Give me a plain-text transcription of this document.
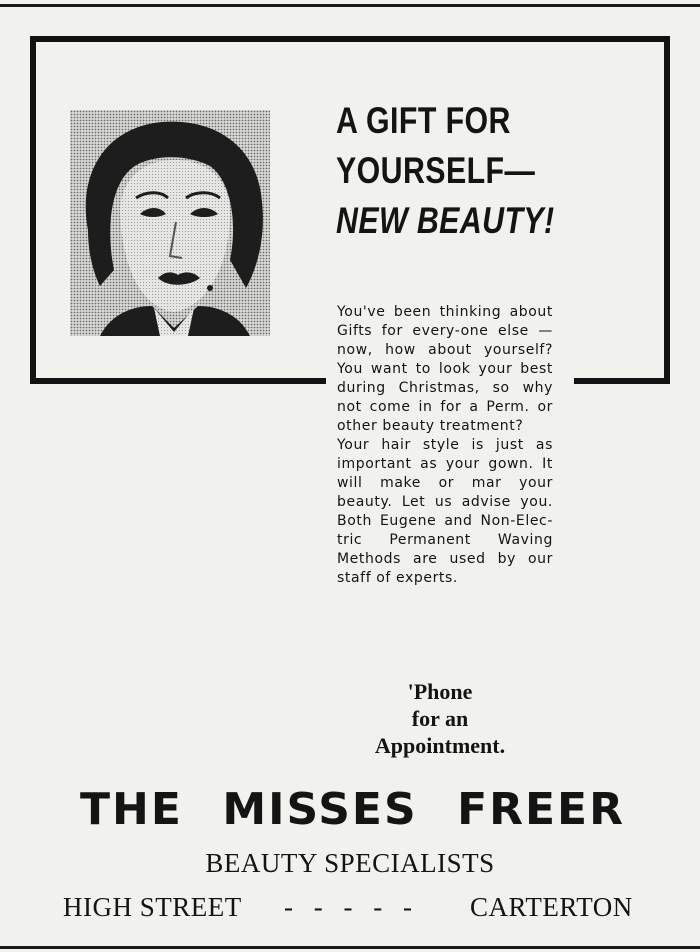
A GIFT FOR
YOURSELF—
NEW BEAUTY!

You've been thinking about Gifts for every-one else — now, how about yourself? You want to look your best during Christmas, so why not come in for a Perm. or other beauty treatment?

Your hair style is just as important as your gown. It will make or mar your beauty. Let us advise you. Both Eugene and Non-Elec-tric Permanent Waving Methods are used by our staff of experts.

'Phone
for an
Appointment.
THE MISSES FREER
BEAUTY SPECIALISTS
HIGH STREET - - - - -	CARTERTON
